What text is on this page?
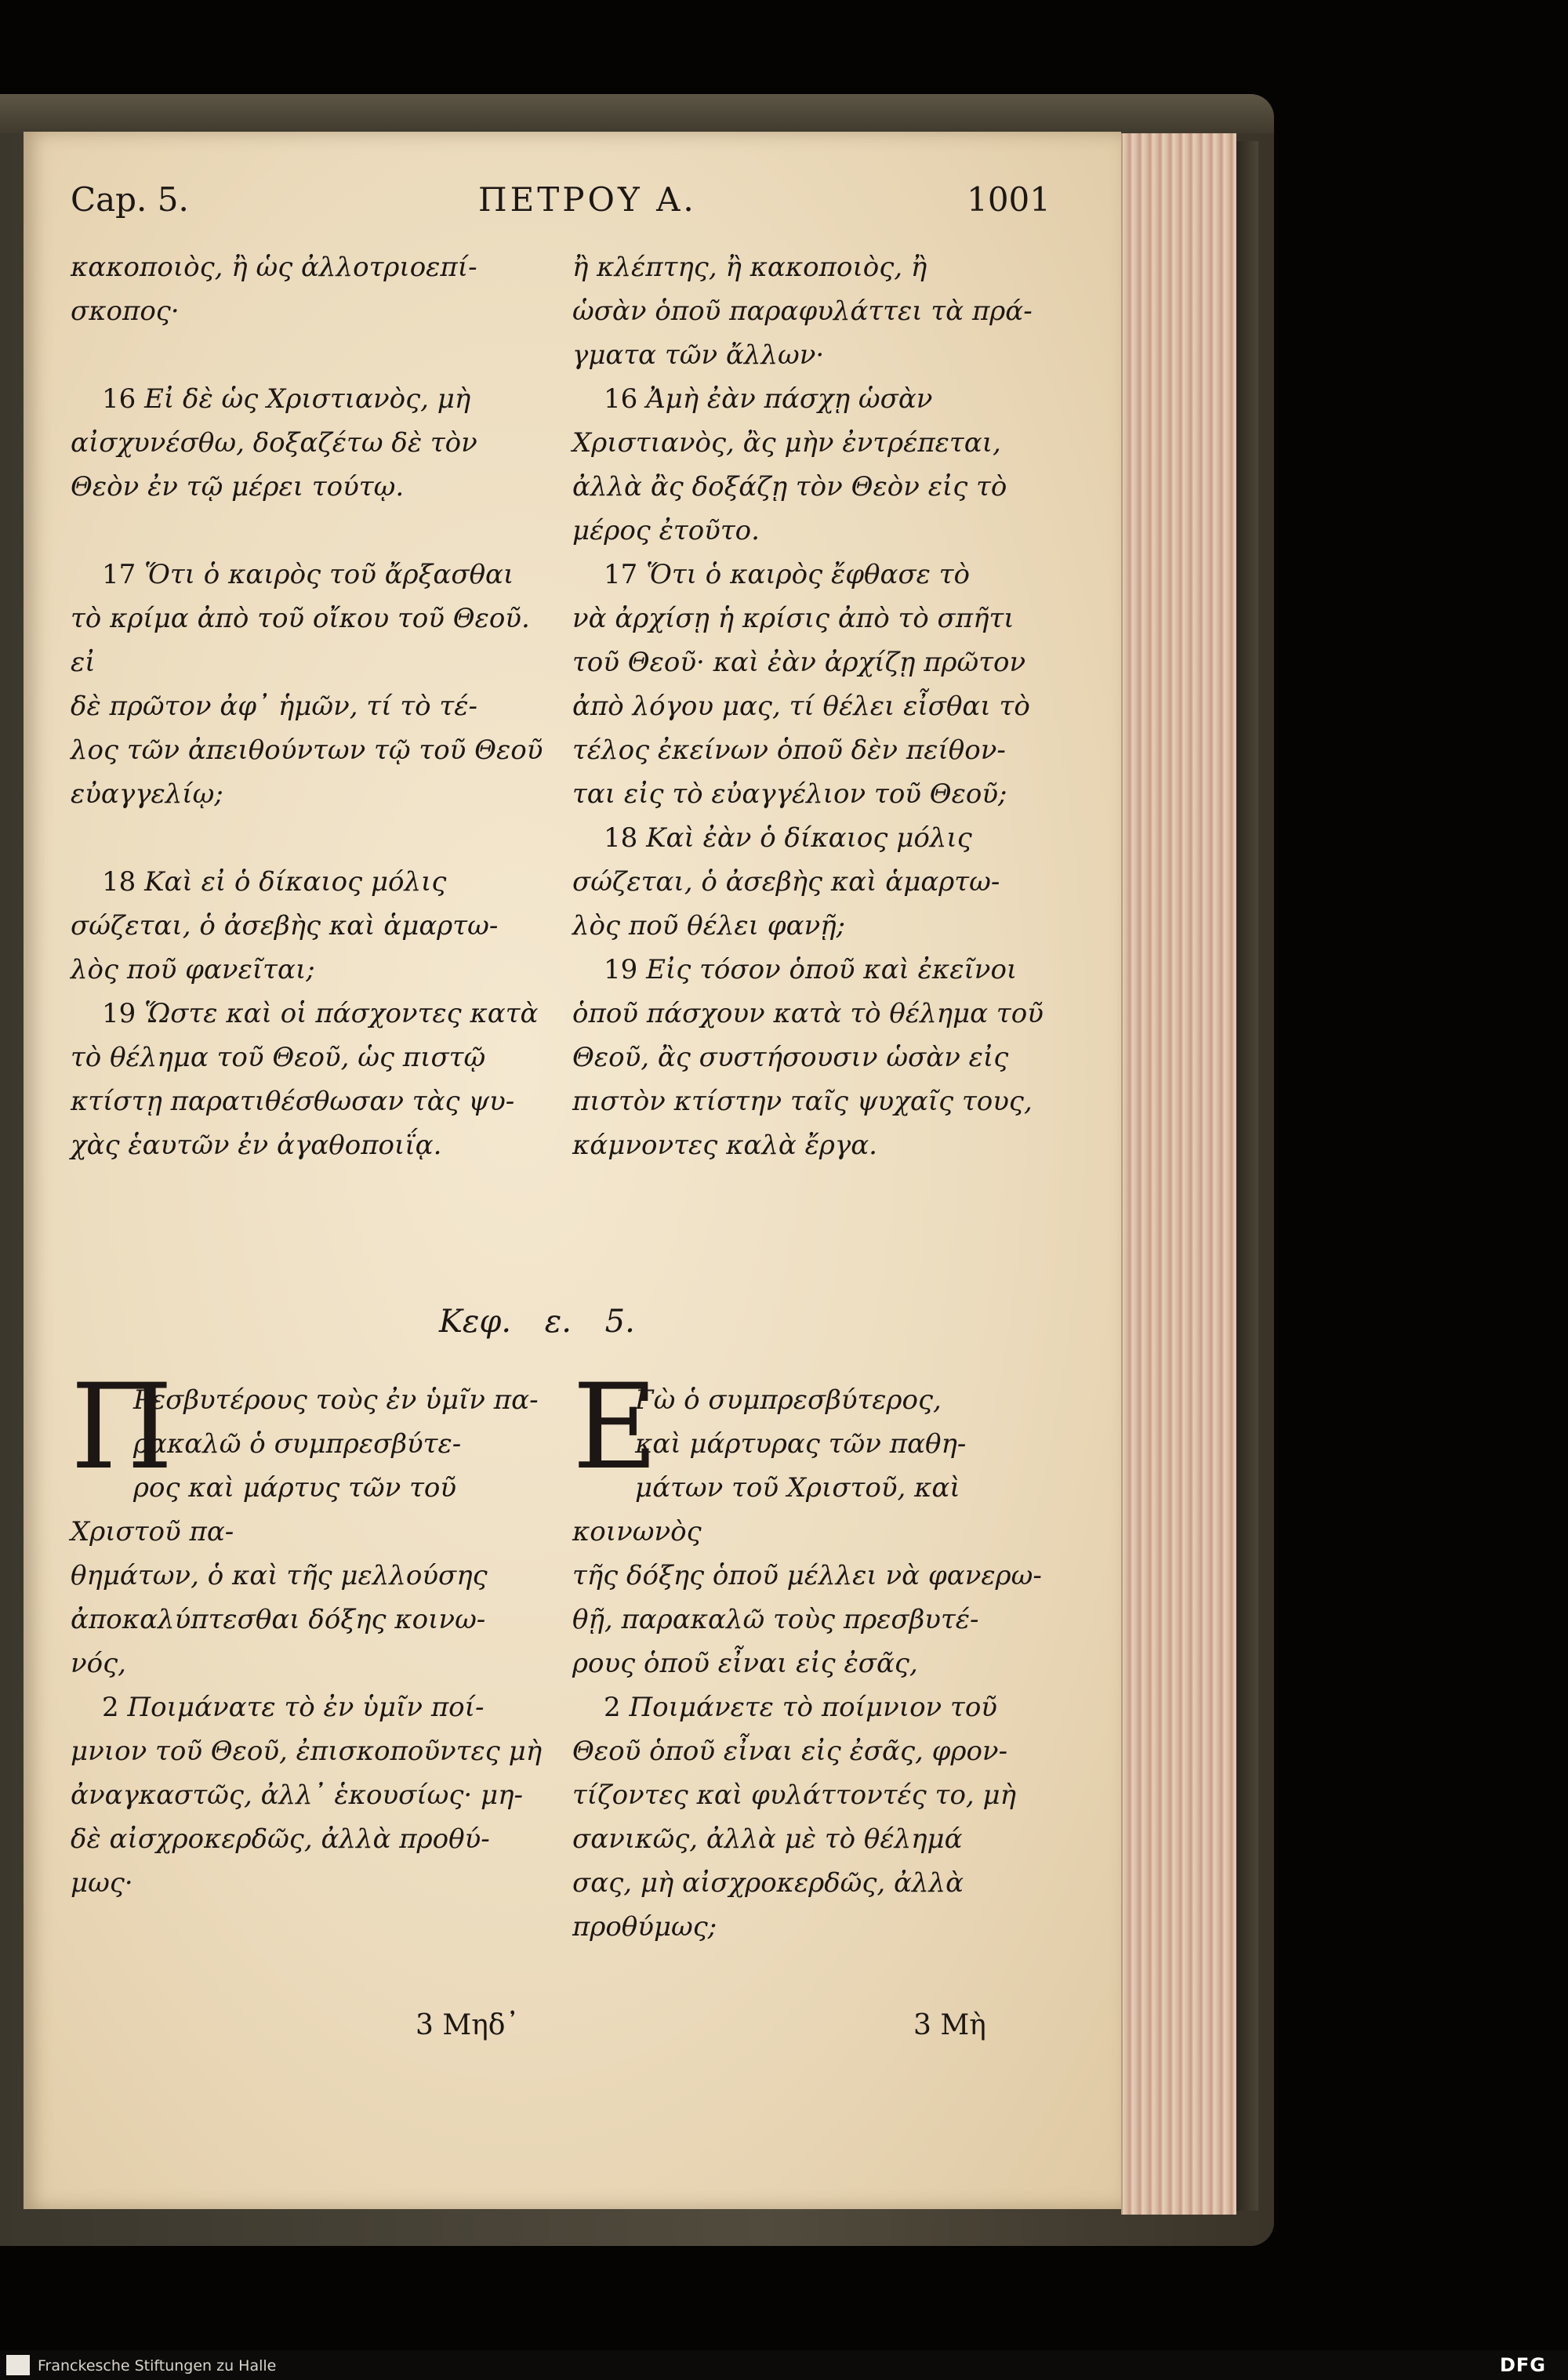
Cap. 5.	ΠΕΤΡΟΥ Α.	1001

κακοποιὸς, ἢ ὡς ἀλλοτριοεπί-

σκοπος·

16 Εἰ δὲ ὡς Χριστιανὸς, μὴ

αἰσχυνέσθω, δοξαζέτω δὲ τὸν

Θεὸν ἐν τῷ μέρει τούτῳ.

17 Ὅτι ὁ καιρὸς τοῦ ἄρξασθαι

τὸ κρίμα ἀπὸ τοῦ οἴκου τοῦ Θεοῦ. εἰ

δὲ πρῶτον ἀφ᾽ ἡμῶν, τί τὸ τέ-

λος τῶν ἀπειθούντων τῷ τοῦ Θεοῦ

εὐαγγελίῳ;

18 Καὶ εἰ ὁ δίκαιος μόλις

σώζεται, ὁ ἀσεβὴς καὶ ἁμαρτω-

λὸς ποῦ φανεῖται;

19 Ὥστε καὶ οἱ πάσχοντες κατὰ

τὸ θέλημα τοῦ Θεοῦ, ὡς πιστῷ

κτίστῃ παρατιθέσθωσαν τὰς ψυ-

χὰς ἑαυτῶν ἐν ἀγαθοποιΐᾳ.

ἢ κλέπτης, ἢ κακοποιὸς, ἢ

ὡσὰν ὁποῦ παραφυλάττει τὰ πρά-

γματα τῶν ἄλλων·

16 Ἀμὴ ἐὰν πάσχῃ ὡσὰν

Χριστιανὸς, ἂς μὴν ἐντρέπεται,

ἀλλὰ ἂς δοξάζῃ τὸν Θεὸν εἰς τὸ

μέρος ἐτοῦτο.

17 Ὅτι ὁ καιρὸς ἔφθασε τὸ

νὰ ἀρχίσῃ ἡ κρίσις ἀπὸ τὸ σπῆτι

τοῦ Θεοῦ· καὶ ἐὰν ἀρχίζῃ πρῶτον

ἀπὸ λόγου μας, τί θέλει εἶσθαι τὸ

τέλος ἐκείνων ὁποῦ δὲν πείθον-

ται εἰς τὸ εὐαγγέλιον τοῦ Θεοῦ;

18 Καὶ ἐὰν ὁ δίκαιος μόλις

σώζεται, ὁ ἀσεβὴς καὶ ἁμαρτω-

λὸς ποῦ θέλει φανῇ;

19 Εἰς τόσον ὁποῦ καὶ ἐκεῖνοι

ὁποῦ πάσχουν κατὰ τὸ θέλημα τοῦ

Θεοῦ, ἂς συστήσουσιν ὡσὰν εἰς

πιστὸν κτίστην ταῖς ψυχαῖς τους,

κάμνοντες καλὰ ἔργα.

Κεφ. ε. 5.
Π

Ρεσβυτέρους τοὺς ἐν ὑμῖν πα-

ρακαλῶ ὁ συμπρεσβύτε-

ρος καὶ μάρτυς τῶν τοῦ Χριστοῦ πα-

θημάτων, ὁ καὶ τῆς μελλούσης

ἀποκαλύπτεσθαι δόξης κοινω-

νός,

2 Ποιμάνατε τὸ ἐν ὑμῖν ποί-

μνιον τοῦ Θεοῦ, ἐπισκοποῦντες μὴ

ἀναγκαστῶς, ἀλλ᾽ ἑκουσίως· μη-

δὲ αἰσχροκερδῶς, ἀλλὰ προθύ-

μως·

Ε

Γὼ ὁ συμπρεσβύτερος,

καὶ μάρτυρας τῶν παθη-

μάτων τοῦ Χριστοῦ, καὶ κοινωνὸς

τῆς δόξης ὁποῦ μέλλει νὰ φανερω-

θῇ, παρακαλῶ τοὺς πρεσβυτέ-

ρους ὁποῦ εἶναι εἰς ἐσᾶς,

2 Ποιμάνετε τὸ ποίμνιον τοῦ

Θεοῦ ὁποῦ εἶναι εἰς ἐσᾶς, φρον-

τίζοντες καὶ φυλάττοντές το, μὴ

σανικῶς, ἀλλὰ μὲ τὸ θέλημά

σας, μὴ αἰσχροκερδῶς, ἀλλὰ

προθύμως;

3 Μηδ᾽	3 Μὴ
Franckesche Stiftungen zu Halle	DFG
